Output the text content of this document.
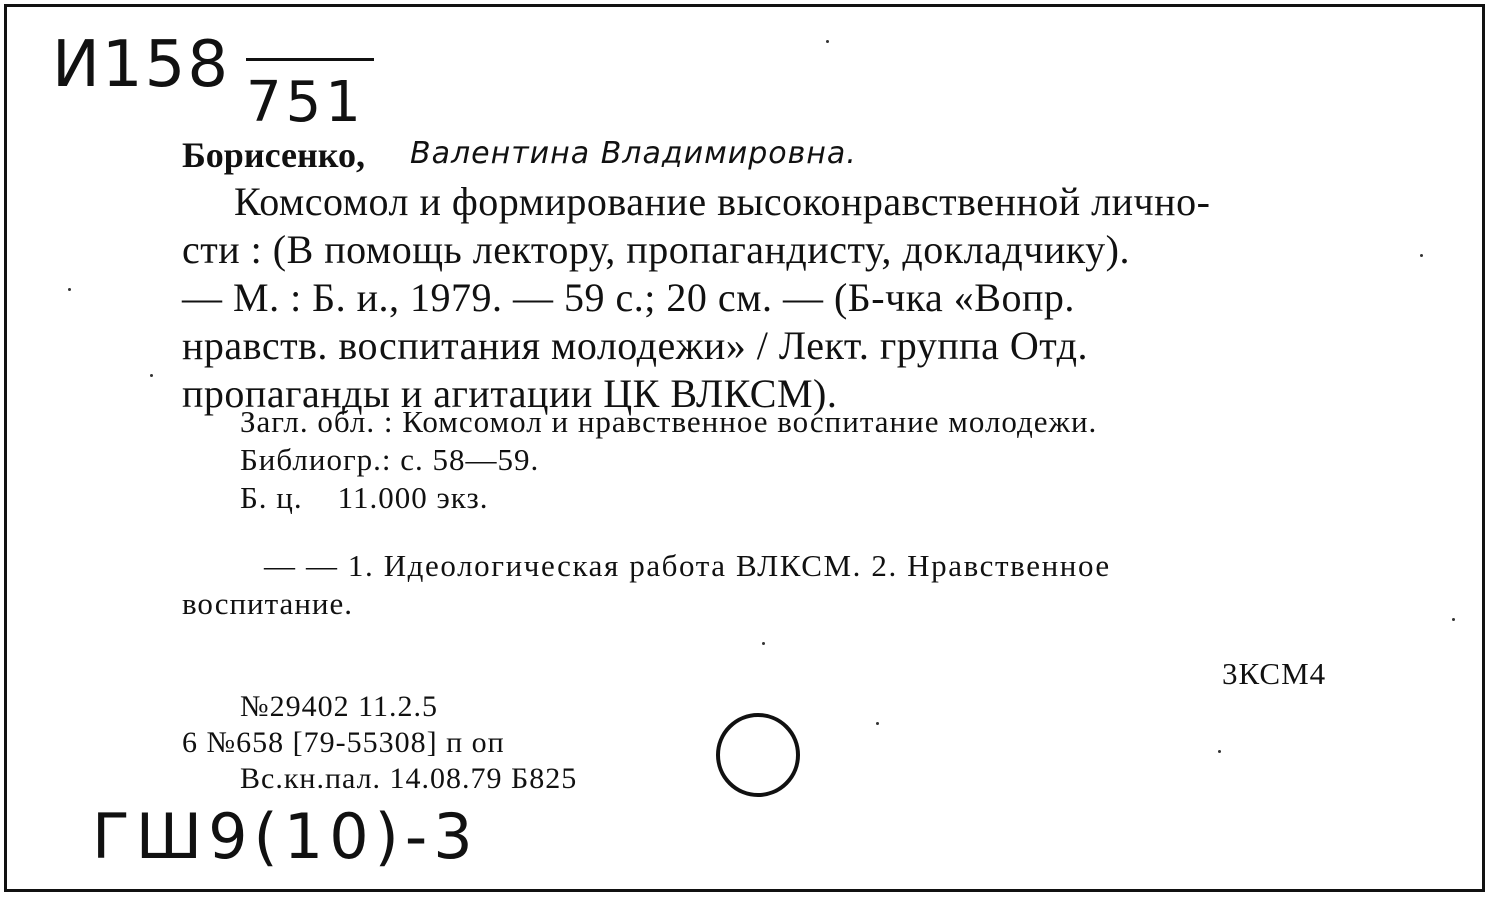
И158
751
Борисенко, Валентина Владимировна.
Комсомол и формирование высоконравственной лично-
сти : (В помощь лектору, пропагандисту, докладчику).
— М. : Б. и., 1979. — 59 с.; 20 см. — (Б-чка «Вопр.
нравств. воспитания молодежи» / Лект. группа Отд.
пропаганды и агитации ЦК ВЛКСМ).
Загл. обл. : Комсомол и нравственное воспитание молодежи.
Библиогр.: с. 58—59.
Б. ц.    11.000 экз.
— — 1. Идеологическая работа ВЛКСМ. 2. Нравственное
воспитание.
3КСМ4
№29402 11.2.5
6 №658 [79-55308] п оп
Вс.кн.пал. 14.08.79 Б825
ГШ9(10)-3
